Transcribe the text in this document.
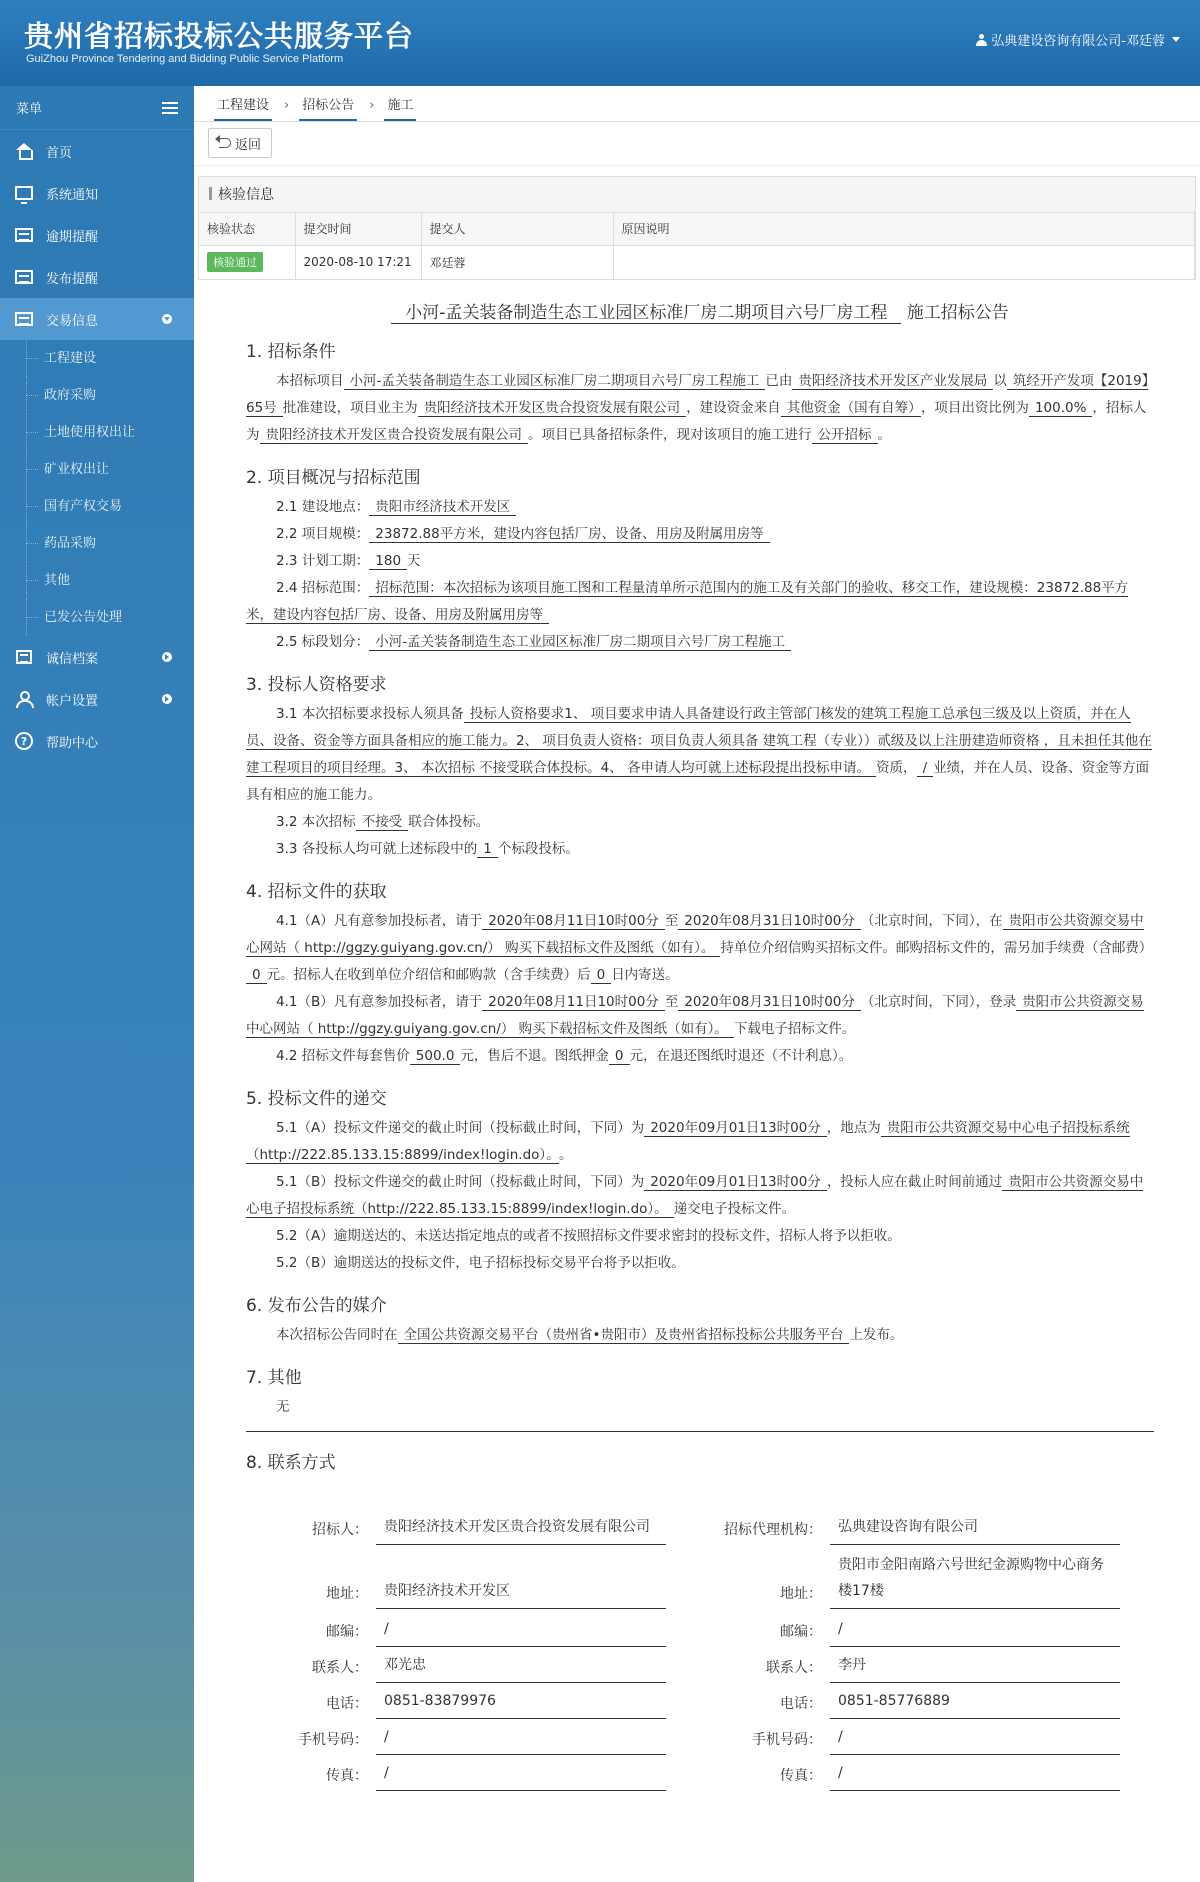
贵州省招标投标公共服务平台
GuiZhou Province Tendering and Bidding Public Service Platform
弘典建设咨询有限公司-邓廷蓉
菜单
首页
系统通知
逾期提醒
发布提醒
交易信息
工程建设
政府采购
土地使用权出让
矿业权出让
国有产权交易
药品采购
其他
已发公告处理
诚信档案
帐户设置
?	帮助中心
工程建设 › 招标公告 › 施工
返回
核验信息
核验状态	提交时间	提交人	原因说明
核验通过	2020-08-10 17:21	邓廷蓉	
小河-孟关装备制造生态工业园区标准厂房二期项目六号厂房工程 施工招标公告
1. 招标条件
本招标项目 小河-孟关装备制造生态工业园区标准厂房二期项目六号厂房工程施工 已由 贵阳经济技术开发区产业发展局 以 筑经开产发项【2019】65号 批准建设，项目业主为 贵阳经济技术开发区贵合投资发展有限公司 ，建设资金来自 其他资金（国有自筹） ，项目出资比例为 100.0% ，招标人为 贵阳经济技术开发区贵合投资发展有限公司 。项目已具备招标条件，现对该项目的施工进行 公开招标 。
2. 项目概况与招标范围
2.1 建设地点： 贵阳市经济技术开发区
2.2 项目规模： 23872.88平方米，建设内容包括厂房、设备、用房及附属用房等
2.3 计划工期： 180 天
2.4 招标范围： 招标范围：本次招标为该项目施工图和工程量清单所示范围内的施工及有关部门的验收、移交工作，建设规模：23872.88平方米，建设内容包括厂房、设备、用房及附属用房等
2.5 标段划分： 小河-孟关装备制造生态工业园区标准厂房二期项目六号厂房工程施工
3. 投标人资格要求
3.1 本次招标要求投标人须具备 投标人资格要求1、 项目要求申请人具备建设行政主管部门核发的建筑工程施工总承包三级及以上资质，并在人员、设备、资金等方面具备相应的施工能力。2、 项目负责人资格：项目负责人须具备 建筑工程（专业））贰级及以上注册建造师资格 ，且未担任其他在建工程项目的项目经理。3、 本次招标 不接受联合体投标。4、 各申请人均可就上述标段提出投标申请。 资质， / 业绩，并在人员、设备、资金等方面具有相应的施工能力。
3.2 本次招标 不接受 联合体投标。
3.3 各投标人均可就上述标段中的 1 个标段投标。
4. 招标文件的获取
4.1（A）凡有意参加投标者，请于 2020年08月11日10时00分 至 2020年08月31日10时00分 （北京时间，下同），在 贵阳市公共资源交易中心网站（ http://ggzy.guiyang.gov.cn/） 购买下载招标文件及图纸（如有）。 持单位介绍信购买招标文件。邮购招标文件的，需另加手续费（含邮费）0 元。招标人在收到单位介绍信和邮购款（含手续费）后 0 日内寄送。
4.1（B）凡有意参加投标者，请于 2020年08月11日10时00分 至 2020年08月31日10时00分 （北京时间，下同），登录 贵阳市公共资源交易中心网站（ http://ggzy.guiyang.gov.cn/） 购买下载招标文件及图纸（如有）。 下载电子招标文件。
4.2 招标文件每套售价 500.0 元，售后不退。图纸押金 0 元，在退还图纸时退还（不计利息）。
5. 投标文件的递交
5.1（A）投标文件递交的截止时间（投标截止时间，下同）为 2020年09月01日13时00分 ，地点为 贵阳市公共资源交易中心电子招投标系统（http://222.85.133.15:8899/index!login.do）。 。
5.1（B）投标文件递交的截止时间（投标截止时间，下同）为 2020年09月01日13时00分 ，投标人应在截止时间前通过 贵阳市公共资源交易中心电子招投标系统（http://222.85.133.15:8899/index!login.do）。 递交电子投标文件。
5.2（A）逾期送达的、未送达指定地点的或者不按照招标文件要求密封的投标文件，招标人将予以拒收。
5.2（B）逾期送达的投标文件，电子招标投标交易平台将予以拒收。
6. 发布公告的媒介
本次招标公告同时在 全国公共资源交易平台（贵州省•贵阳市）及贵州省招标投标公共服务平台 上发布。
7. 其他
无
8. 联系方式
招标人：	贵阳经济技术开发区贵合投资发展有限公司	招标代理机构：	弘典建设咨询有限公司
地址：	贵阳经济技术开发区	地址：
贵阳市金阳南路六号世纪金源购物中心商务楼17楼
邮编：	/	邮编：	/
联系人：	邓光忠	联系人：	李丹
电话：	0851-83879976	电话：	0851-85776889
手机号码：	/	手机号码：	/
传真：	/	传真：	/
